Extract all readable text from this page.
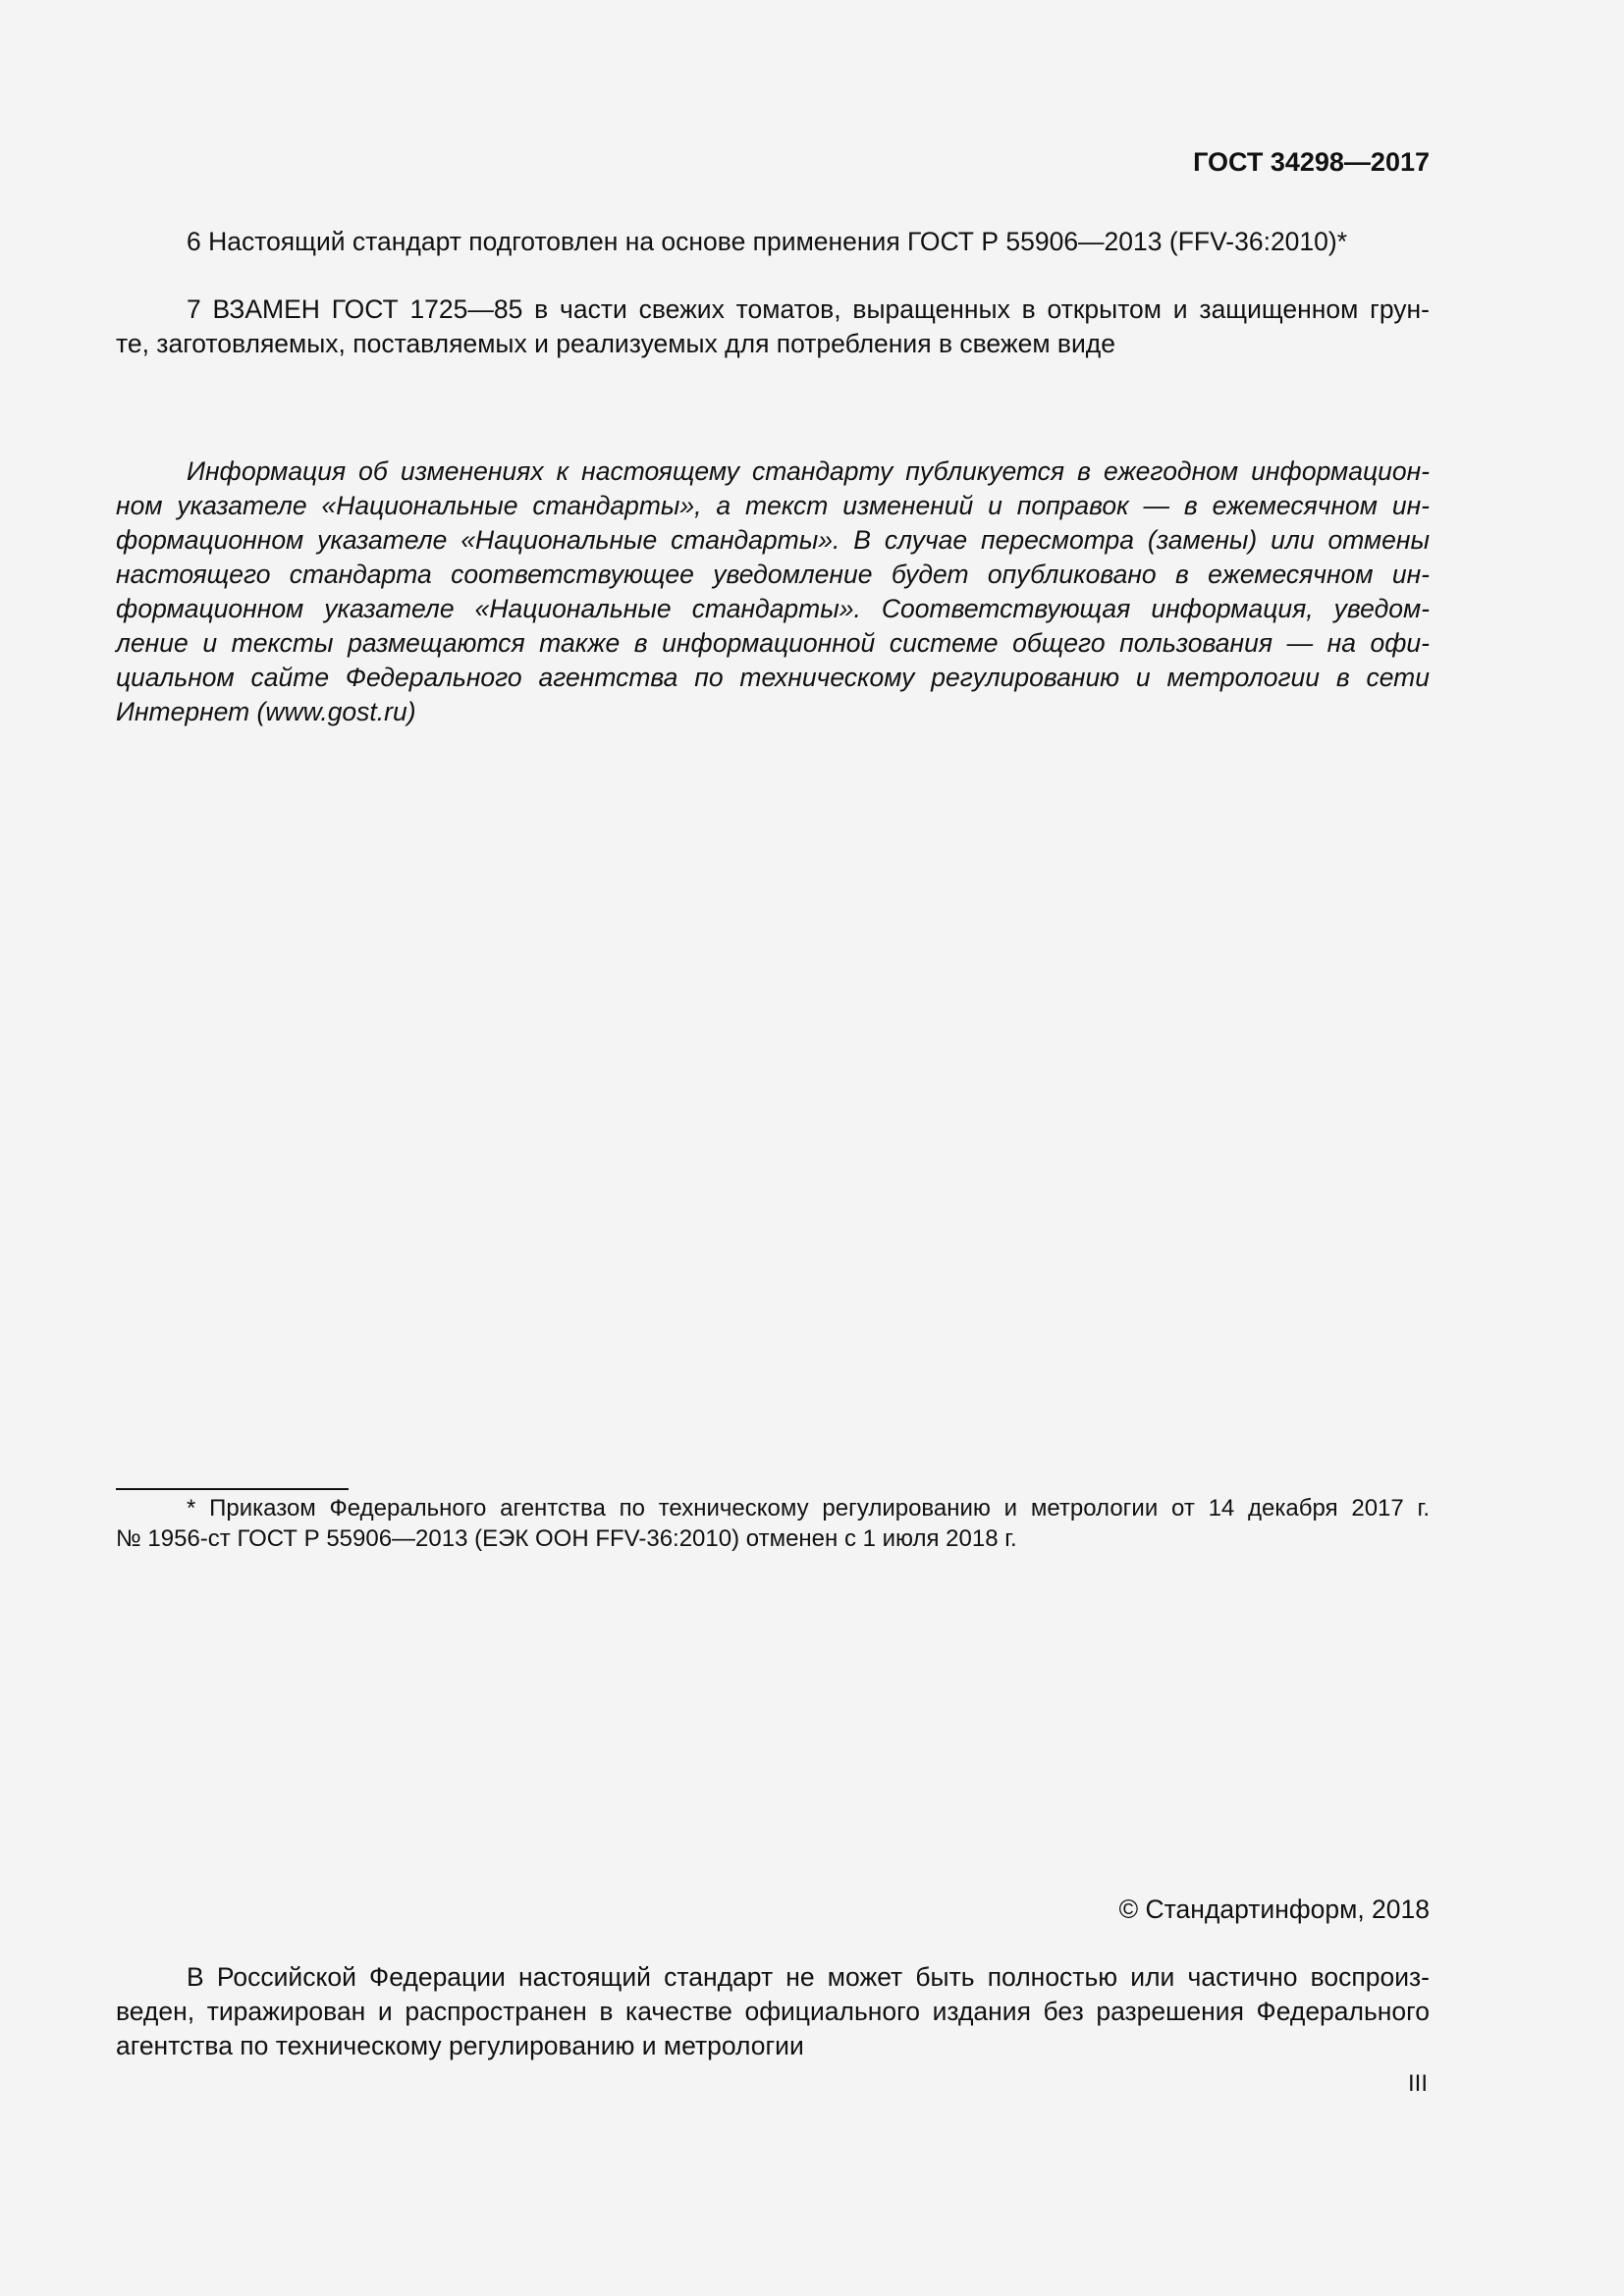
ГОСТ 34298—2017

6 Настоящий стандарт подготовлен на основе применения ГОСТ Р 55906—2013 (FFV-36:2010)*

7 ВЗАМЕН ГОСТ 1725—85 в части свежих томатов, выращенных в открытом и защищенном грун-
те, заготовляемых, поставляемых и реализуемых для потребления в свежем виде

Информация об изменениях к настоящему стандарту публикуется в ежегодном информацион-
ном указателе «Национальные стандарты», а текст изменений и поправок — в ежемесячном ин-
формационном указателе «Национальные стандарты». В случае пересмотра (замены) или отмены
настоящего стандарта соответствующее уведомление будет опубликовано в ежемесячном ин-
формационном указателе «Национальные стандарты». Соответствующая информация, уведом-
ление и тексты размещаются также в информационной системе общего пользования — на офи-
циальном сайте Федерального агентства по техническому регулированию и метрологии в сети
Интернет (www.gost.ru)

* Приказом Федерального агентства по техническому регулированию и метрологии от 14 декабря 2017 г.
№ 1956-ст ГОСТ Р 55906—2013 (ЕЭК ООН FFV-36:2010) отменен с 1 июля 2018 г.

© Стандартинформ, 2018

В Российской Федерации настоящий стандарт не может быть полностью или частично воспроиз-
веден, тиражирован и распространен в качестве официального издания без разрешения Федерального
агентства по техническому регулированию и метрологии

III
